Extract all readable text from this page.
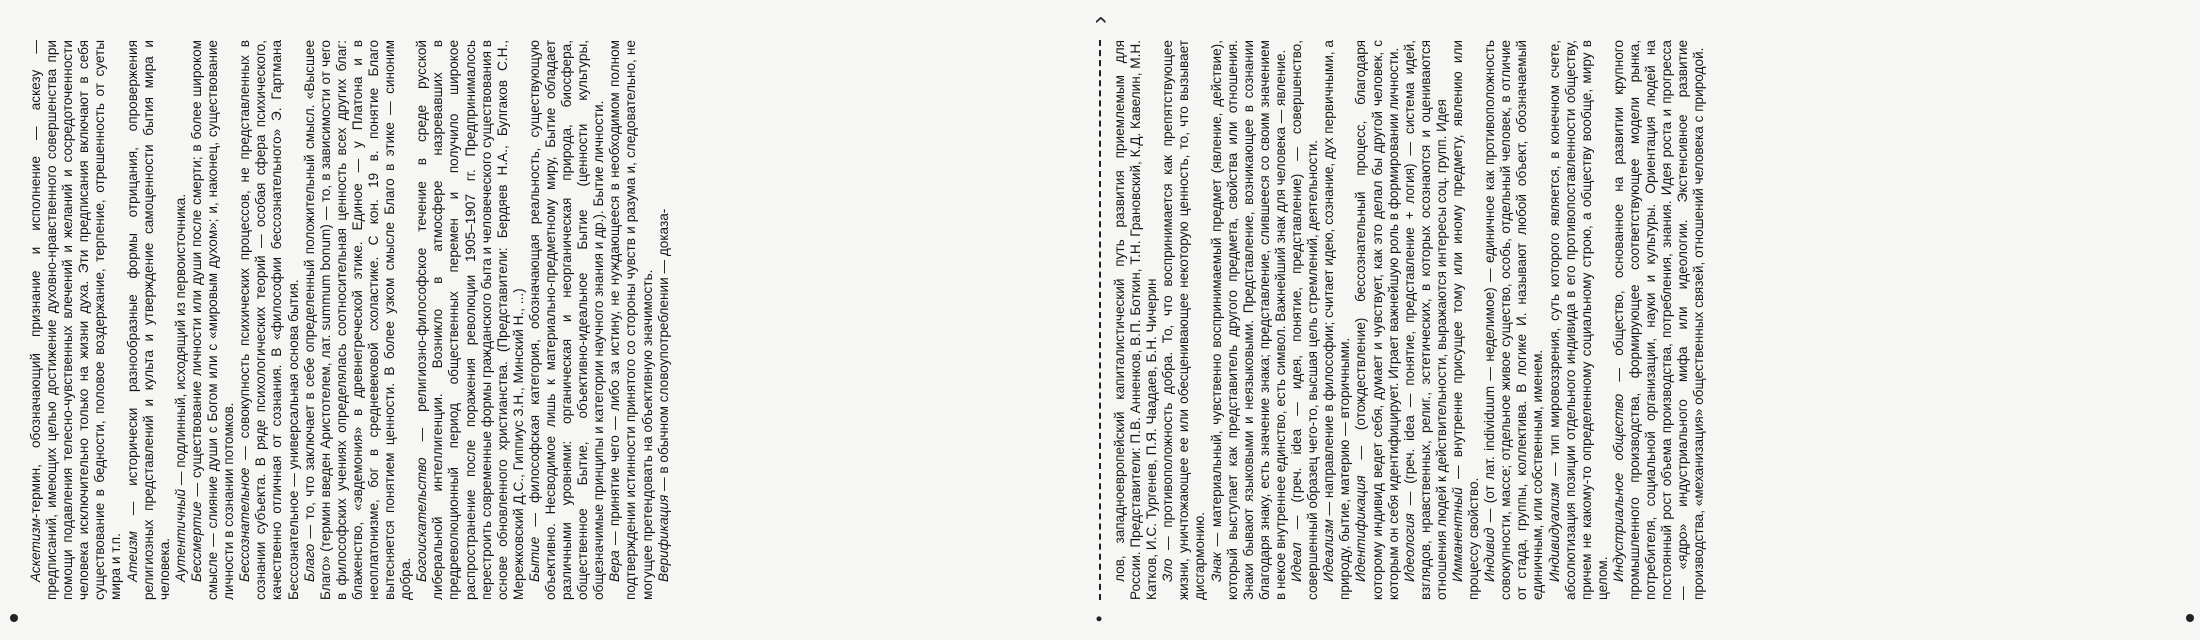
Аскетизм-термин, обозначающий признание и исполнение — аскезу — предписаний, имеющих целью достижение духовно-нравственного совершенства при помощи подавления телесно-чувственных влечений и желаний и сосредоточенности человека исключительно только на жизни духа. Эти предписания включают в себя существование в бедности, половое воздержание, терпение, отрешенность от суеты мира и т.п. Атеизм — исторически разнообразные формы отрицания, опровержения религиозных представлений и культа и утверждение самоценности бытия мира и человека. Аутентичный — подлинный, исходящий из первоисточника.

Бессмертие — существование личности или души после смерти; в более широком смысле — слияние души с Богом или с «мировым духом»; и, наконец, существование личности в сознании потомков. Бессознательное — совокупность психических процессов, не представленных в сознании субъекта. В ряде психологических теорий — особая сфера психического, качественно отличная от сознания. В «философии бессознательного» Э. Гартмана Бессознательное — универсальная основа бытия. Благо — то, что заключает в себе определенный положительный смысл. «Высшее Благо» (термин введен Аристотелем, лат. summum bonum) — то, в зависимости от чего в философских учениях определялась соотносительная ценность всех других благ: блаженство, «эвдемония» в древнегреческой этике. Единое — у Платона и в неоплатонизме, бог в средневековой схоластике. С кон. 19 в. понятие Благо вытесняется понятием ценности. В более узком смысле Благо в этике — синоним добра. Богоискательство — религиозно-философское течение в среде русской либеральной интеллигенции. Возникло в атмосфере назревавших в предреволюционный период общественных перемен и получило широкое распространение после поражения революции 1905–1907 гг. Предпринималось перестроить современные формы гражданского быта и человеческого существования в основе обновленного христианства. (Представители: Бердяев Н.А., Булгаков С.Н., Мережковский Д.С., Гиппиус З.Н., Минский Н., ...) Бытие — философская категория, обозначающая реальность, существующую объективно. Несводимое лишь к материально-предметному миру, Бытие обладает различными уровнями: органическая и неорганическая природа, биосфера, общественное Бытие, объективно-идеальное Бытие (ценности культуры, общезначимые принципы и категории научного знания и др.). Бытие личности. Вера — принятие чего — либо за истину, не нуждающееся в необходимом полном подтверждении истинности принятого со стороны чувств и разума и, следовательно, не могущее претендовать на объективную значимость. Верификация — в обычном словоупотреблении — доказа-

•
›

лов, западноевропейский капиталистический путь развития приемлемым для России. Представители: П.В. Анненков, В.П. Боткин, Т.Н. Грановский, К.Д. Кавелин, М.Н. Катков, И.С. Тургенев, П.Я. Чаадаев, Б.Н. Чичерин Зло — противоположность добра. То, что воспринимается как препятствующее жизни, уничтожающее ее или обесценивающее некоторую ценность, то, что вызывает дисгармонию. Знак — материальный, чувственно воспринимаемый предмет (явление, действие), который выступает как представитель другого предмета, свойства или отношения. Знаки бывают языковыми и неязыковыми. Представление, возникающее в сознании благодаря знаку, есть значение знака; представление, слившееся со своим значением в некое внутреннее единство, есть символ. Важнейший знак для человека — явление. Идеал — (греч. idea — идея, понятие, представление) — совершенство, совершенный образец чего-то, высшая цель стремлений, деятельности. Идеализм — направление в философии; считает идею, сознание, дух первичными, а природу, бытие, материю — вторичными. Идентификация — (отождествление) бессознательный процесс, благодаря которому индивид ведет себя, думает и чувствует, как это делал бы другой человек, с которым он себя идентифицирует. Играет важнейшую роль в формировании личности. Идеология — (греч. idea — понятие, представление + логия) — система идей, взглядов, нравственных, религ., эстетических, в которых осознаются и оцениваются отношения людей к действительности, выражаются интересы соц. групп. Идея Имманентный — внутренне присущее тому или иному предмету, явлению или процессу свойство. Индивид — (от лат. individuum — неделимое) — единичное как противоположность совокупности, массе; отдельное живое существо, особь, отдельный человек, в отличие от стада, группы, коллектива. В логике И. называют любой объект, обозначаемый единичным, или собственным, именем. Индивидуализм — тип мировоззрения, суть которого является, в конечном счете, абсолютизация позиции отдельного индивида в его противопоставленности обществу, причем не какому-то определенному социальному строю, а обществу вообще, миру в целом. Индустриальное общество — общество, основанное на развитии крупного промышленного производства, формирующее соответствующее модели рынка, потребителя, социальной организации, науки и культуры. Ориентация людей на постоянный рост объема производства, потребления, знания. Идея роста и прогресса — «ядро» индустриального мифа или идеологии. Экстенсивное развитие производства, «механизация» общественных связей, отношений человека с природой.
